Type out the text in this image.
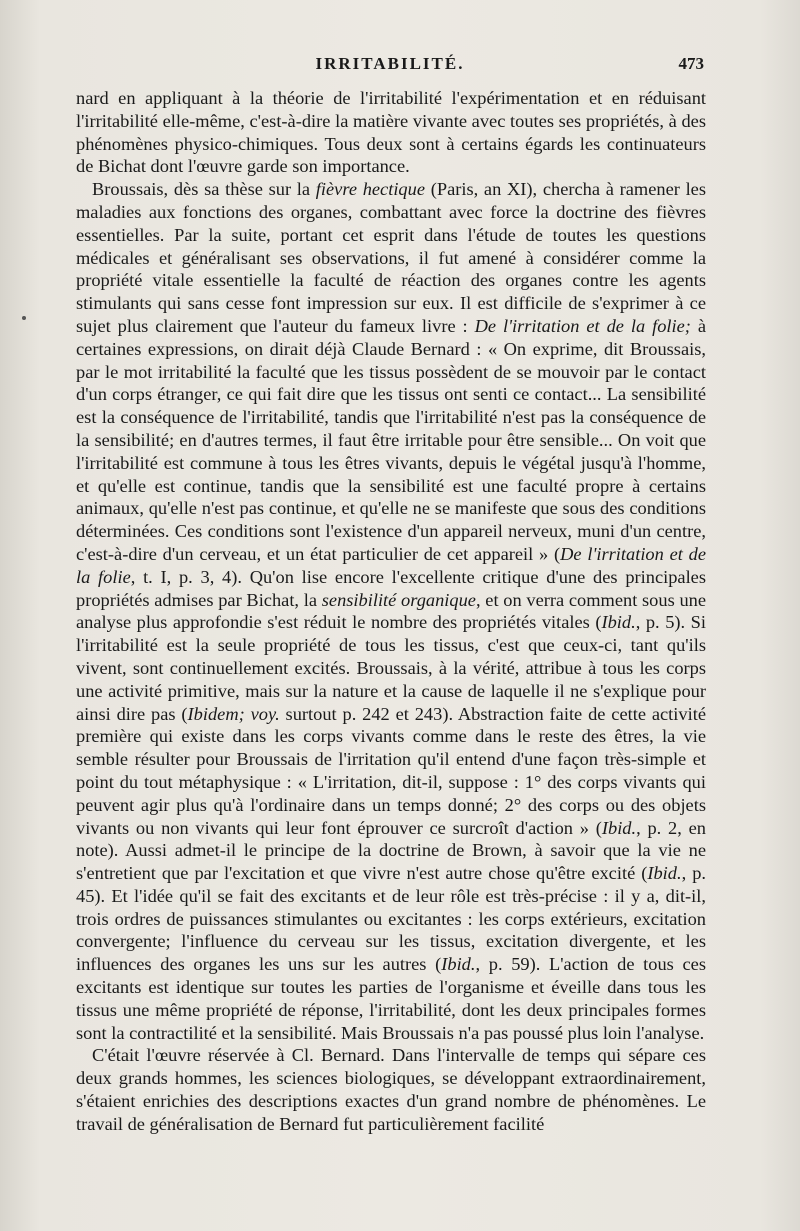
IRRITABILITÉ.	473

nard en appliquant à la théorie de l'irritabilité l'expérimentation et en réduisant l'irritabilité elle-même, c'est-à-dire la matière vivante avec toutes ses propriétés, à des phénomènes physico-chimiques. Tous deux sont à certains égards les continuateurs de Bichat dont l'œuvre garde son importance.

Broussais, dès sa thèse sur la fièvre hectique (Paris, an XI), chercha à ramener les maladies aux fonctions des organes, combattant avec force la doctrine des fièvres essentielles. Par la suite, portant cet esprit dans l'étude de toutes les questions médicales et généralisant ses observations, il fut amené à considérer comme la propriété vitale essentielle la faculté de réaction des organes contre les agents stimulants qui sans cesse font impression sur eux. Il est difficile de s'exprimer à ce sujet plus clairement que l'auteur du fameux livre : De l'irritation et de la folie; à certaines expressions, on dirait déjà Claude Bernard : « On exprime, dit Broussais, par le mot irritabilité la faculté que les tissus possèdent de se mouvoir par le contact d'un corps étranger, ce qui fait dire que les tissus ont senti ce contact... La sensibilité est la conséquence de l'irritabilité, tandis que l'irritabilité n'est pas la conséquence de la sensibilité; en d'autres termes, il faut être irritable pour être sensible... On voit que l'irritabilité est commune à tous les êtres vivants, depuis le végétal jusqu'à l'homme, et qu'elle est continue, tandis que la sensibilité est une faculté propre à certains animaux, qu'elle n'est pas continue, et qu'elle ne se manifeste que sous des conditions déterminées. Ces conditions sont l'existence d'un appareil nerveux, muni d'un centre, c'est-à-dire d'un cerveau, et un état particulier de cet appareil » (De l'irritation et de la folie, t. I, p. 3, 4). Qu'on lise encore l'excellente critique d'une des principales propriétés admises par Bichat, la sensibilité organique, et on verra comment sous une analyse plus approfondie s'est réduit le nombre des propriétés vitales (Ibid., p. 5). Si l'irritabilité est la seule propriété de tous les tissus, c'est que ceux-ci, tant qu'ils vivent, sont continuellement excités. Broussais, à la vérité, attribue à tous les corps une activité primitive, mais sur la nature et la cause de laquelle il ne s'explique pour ainsi dire pas (Ibidem; voy. surtout p. 242 et 243). Abstraction faite de cette activité première qui existe dans les corps vivants comme dans le reste des êtres, la vie semble résulter pour Broussais de l'irritation qu'il entend d'une façon très-simple et point du tout métaphysique : « L'irritation, dit-il, suppose : 1° des corps vivants qui peuvent agir plus qu'à l'ordinaire dans un temps donné; 2° des corps ou des objets vivants ou non vivants qui leur font éprouver ce surcroît d'action » (Ibid., p. 2, en note). Aussi admet-il le principe de la doctrine de Brown, à savoir que la vie ne s'entretient que par l'excitation et que vivre n'est autre chose qu'être excité (Ibid., p. 45). Et l'idée qu'il se fait des excitants et de leur rôle est très-précise : il y a, dit-il, trois ordres de puissances stimulantes ou excitantes : les corps extérieurs, excitation convergente; l'influence du cerveau sur les tissus, excitation divergente, et les influences des organes les uns sur les autres (Ibid., p. 59). L'action de tous ces excitants est identique sur toutes les parties de l'organisme et éveille dans tous les tissus une même propriété de réponse, l'irritabilité, dont les deux principales formes sont la contractilité et la sensibilité. Mais Broussais n'a pas poussé plus loin l'analyse.

C'était l'œuvre réservée à Cl. Bernard. Dans l'intervalle de temps qui sépare ces deux grands hommes, les sciences biologiques, se développant extraordinairement, s'étaient enrichies des descriptions exactes d'un grand nombre de phénomènes. Le travail de généralisation de Bernard fut particulièrement facilité
